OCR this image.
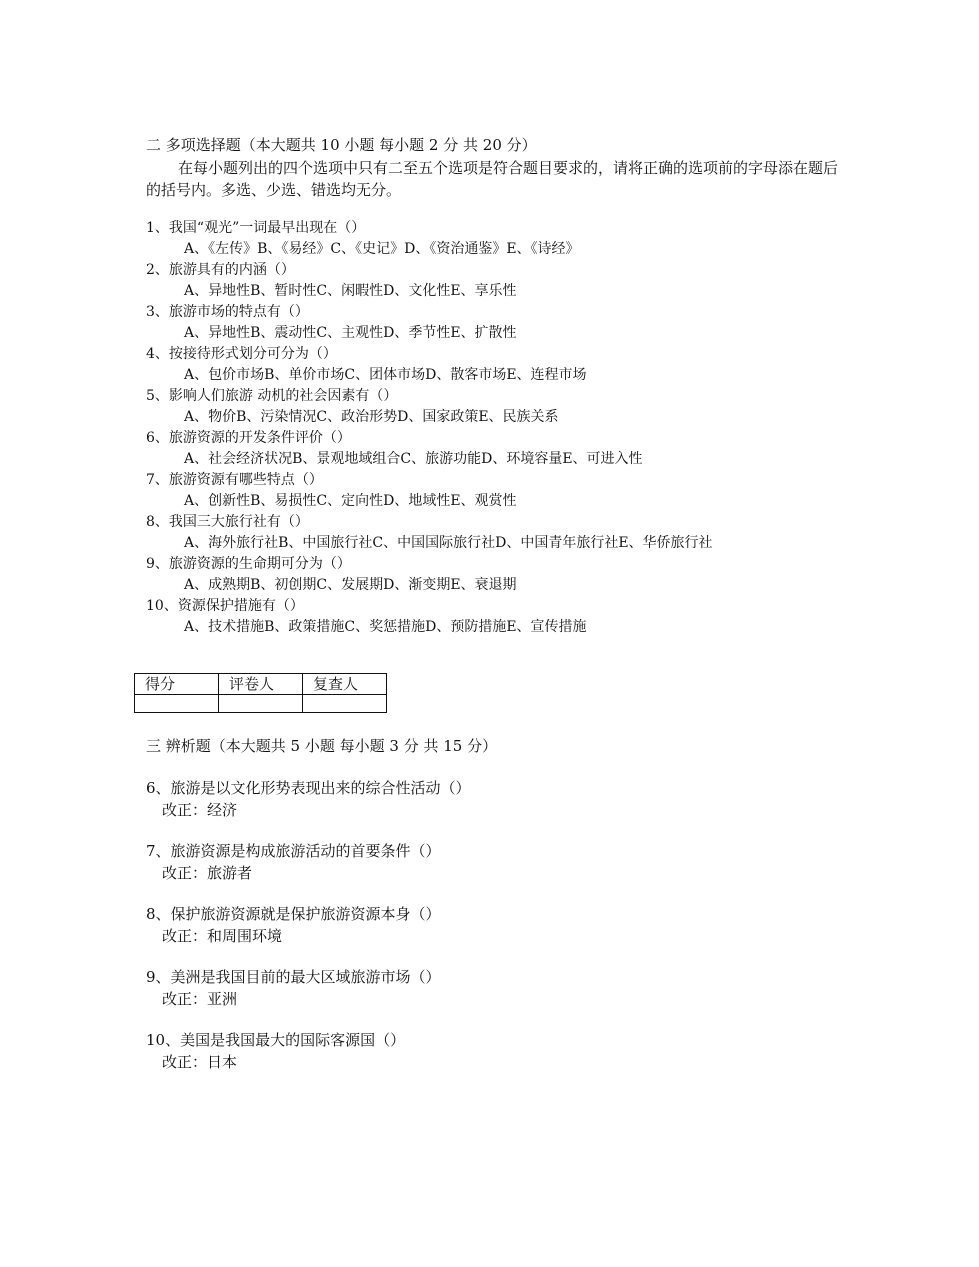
二 多项选择题（本大题共 10 小题 每小题 2 分 共 20 分）
在每小题列出的四个选项中只有二至五个选项是符合题目要求的，请将正确的选项前的字母添在题后的括号内。多选、少选、错选均无分。
1、我国“观光”一词最早出现在（）
A、《左传》B、《易经》C、《史记》D、《资治通鉴》E、《诗经》
2、旅游具有的内涵（）
A、异地性B、暂时性C、闲暇性D、文化性E、享乐性
3、旅游市场的特点有（）
A、异地性B、震动性C、主观性D、季节性E、扩散性
4、按接待形式划分可分为（）
A、包价市场B、单价市场C、团体市场D、散客市场E、连程市场
5、影响人们旅游 动机的社会因素有（）
A、物价B、污染情况C、政治形势D、国家政策E、民族关系
6、旅游资源的开发条件评价（）
A、社会经济状况B、景观地域组合C、旅游功能D、环境容量E、可进入性
7、旅游资源有哪些特点（）
A、创新性B、易损性C、定向性D、地域性E、观赏性
8、我国三大旅行社有（）
A、海外旅行社B、中国旅行社C、中国国际旅行社D、中国青年旅行社E、华侨旅行社
9、旅游资源的生命期可分为（）
A、成熟期B、初创期C、发展期D、渐变期E、衰退期
10、资源保护措施有（）
A、技术措施B、政策措施C、奖惩措施D、预防措施E、宣传措施
得分	评卷人	复查人

三 辨析题（本大题共 5 小题 每小题 3 分 共 15 分）
6、旅游是以文化形势表现出来的综合性活动（）
改正：经济
7、旅游资源是构成旅游活动的首要条件（）
改正：旅游者
8、保护旅游资源就是保护旅游资源本身（）
改正：和周围环境
9、美洲是我国目前的最大区域旅游市场（）
改正：亚洲
10、美国是我国最大的国际客源国（）
改正：日本
